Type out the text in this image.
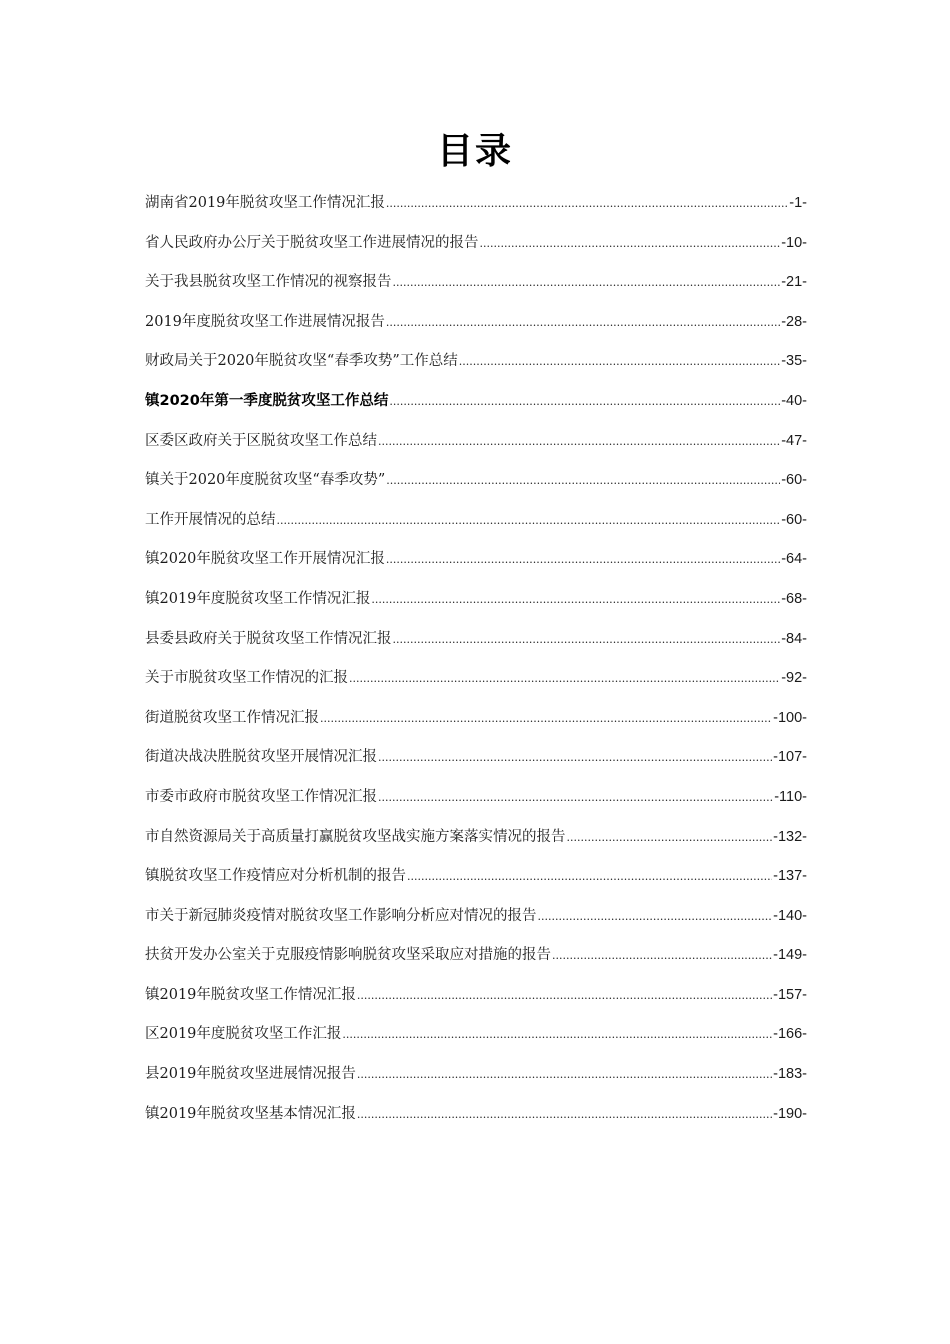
目录
湖南省2019年脱贫攻坚工作情况汇报 .....	-1-
省人民政府办公厅关于脱贫攻坚工作进展情况的报告 .....	-10-
关于我县脱贫攻坚工作情况的视察报告 .....	-21-
2019年度脱贫攻坚工作进展情况报告 .....	-28-
财政局关于2020年脱贫攻坚“春季攻势”工作总结 .....	-35-
镇2020年第一季度脱贫攻坚工作总结 .....	-40-
区委区政府关于区脱贫攻坚工作总结 .....	-47-
镇关于2020年度脱贫攻坚“春季攻势” .....	-60-
工作开展情况的总结 .....	-60-
镇2020年脱贫攻坚工作开展情况汇报 .....	-64-
镇2019年度脱贫攻坚工作情况汇报 .....	-68-
县委县政府关于脱贫攻坚工作情况汇报 .....	-84-
关于市脱贫攻坚工作情况的汇报 .....	-92-
街道脱贫攻坚工作情况汇报 .....	-100-
街道决战决胜脱贫攻坚开展情况汇报 .....	-107-
市委市政府市脱贫攻坚工作情况汇报 .....	-110-
市自然资源局关于高质量打赢脱贫攻坚战实施方案落实情况的报告 .....	-132-
镇脱贫攻坚工作疫情应对分析机制的报告 .....	-137-
市关于新冠肺炎疫情对脱贫攻坚工作影响分析应对情况的报告 .....	-140-
扶贫开发办公室关于克服疫情影响脱贫攻坚采取应对措施的报告 .....	-149-
镇2019年脱贫攻坚工作情况汇报 .....	-157-
区2019年度脱贫攻坚工作汇报 .....	-166-
县2019年脱贫攻坚进展情况报告 .....	-183-
镇2019年脱贫攻坚基本情况汇报 .....	-190-
